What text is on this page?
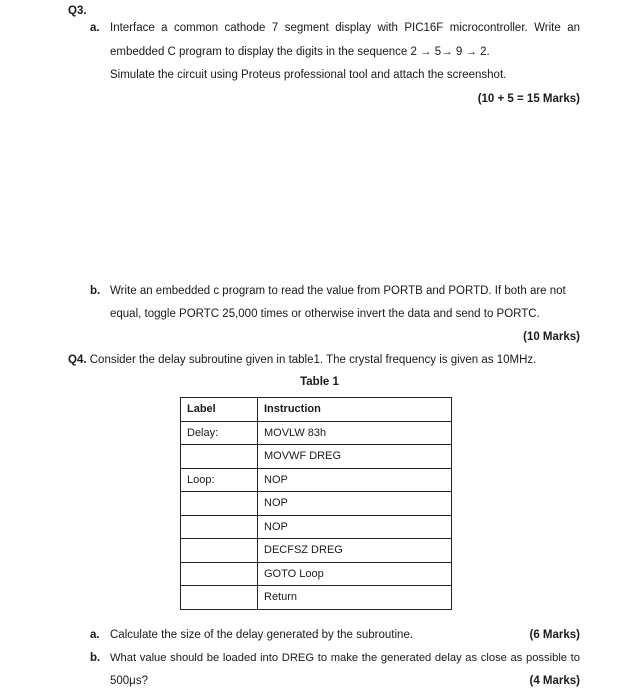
Q3.
a. Interface a common cathode 7 segment display with PIC16F microcontroller. Write an
embedded C program to display the digits in the sequence 2 → 5→ 9 → 2.
Simulate the circuit using Proteus professional tool and attach the screenshot.
(10 + 5 = 15 Marks)
b. Write an embedded c program to read the value from PORTB and PORTD. If both are not
equal, toggle PORTC 25,000 times or otherwise invert the data and send to PORTC.
(10 Marks)
Q4. Consider the delay subroutine given in table1. The crystal frequency is given as 10MHz.
Table 1
Label	Instruction
Delay:	MOVLW 83h
	MOVWF DREG
Loop:	NOP
	NOP
	NOP
	DECFSZ DREG
	GOTO Loop
	Return
a. Calculate the size of the delay generated by the subroutine.	(6 Marks)
b. What value should be loaded into DREG to make the generated delay as close as possible to
500μs?	(4 Marks)
